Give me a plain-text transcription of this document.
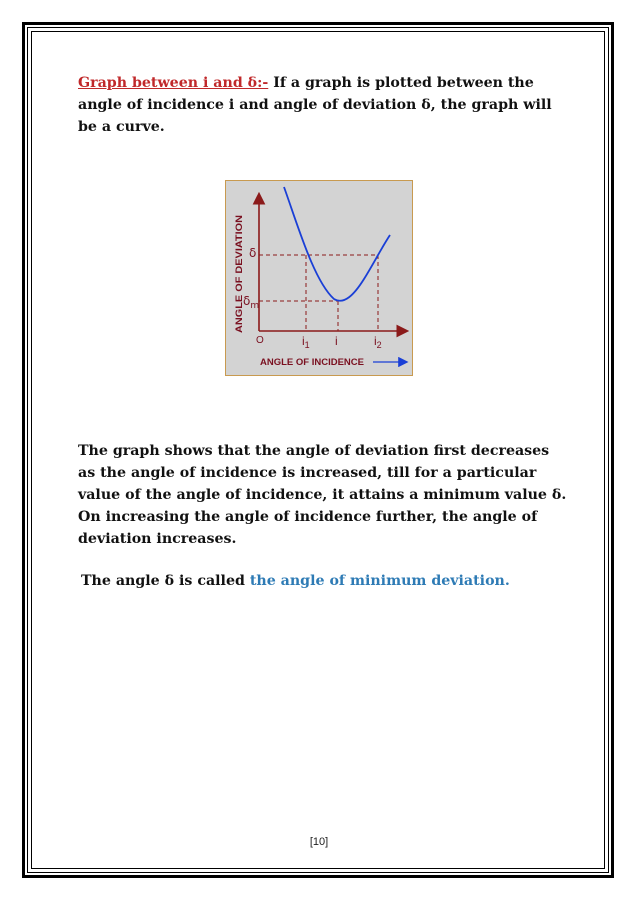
Graph between i and δ:- If a graph is plotted between the angle of incidence i and angle of deviation δ, the graph will be a curve.

ANGLE OF DEVIATION
ANGLE OF INCIDENCE
O
δ
$\delta_m$
$i_1$ i	$i_2$

The graph shows that the angle of deviation first decreases as the angle of incidence is increased, till for a particular value of the angle of incidence, it attains a minimum value δ. On increasing the angle of incidence further, the angle of deviation increases.

The angle δ is called the angle of minimum deviation.

[10]
